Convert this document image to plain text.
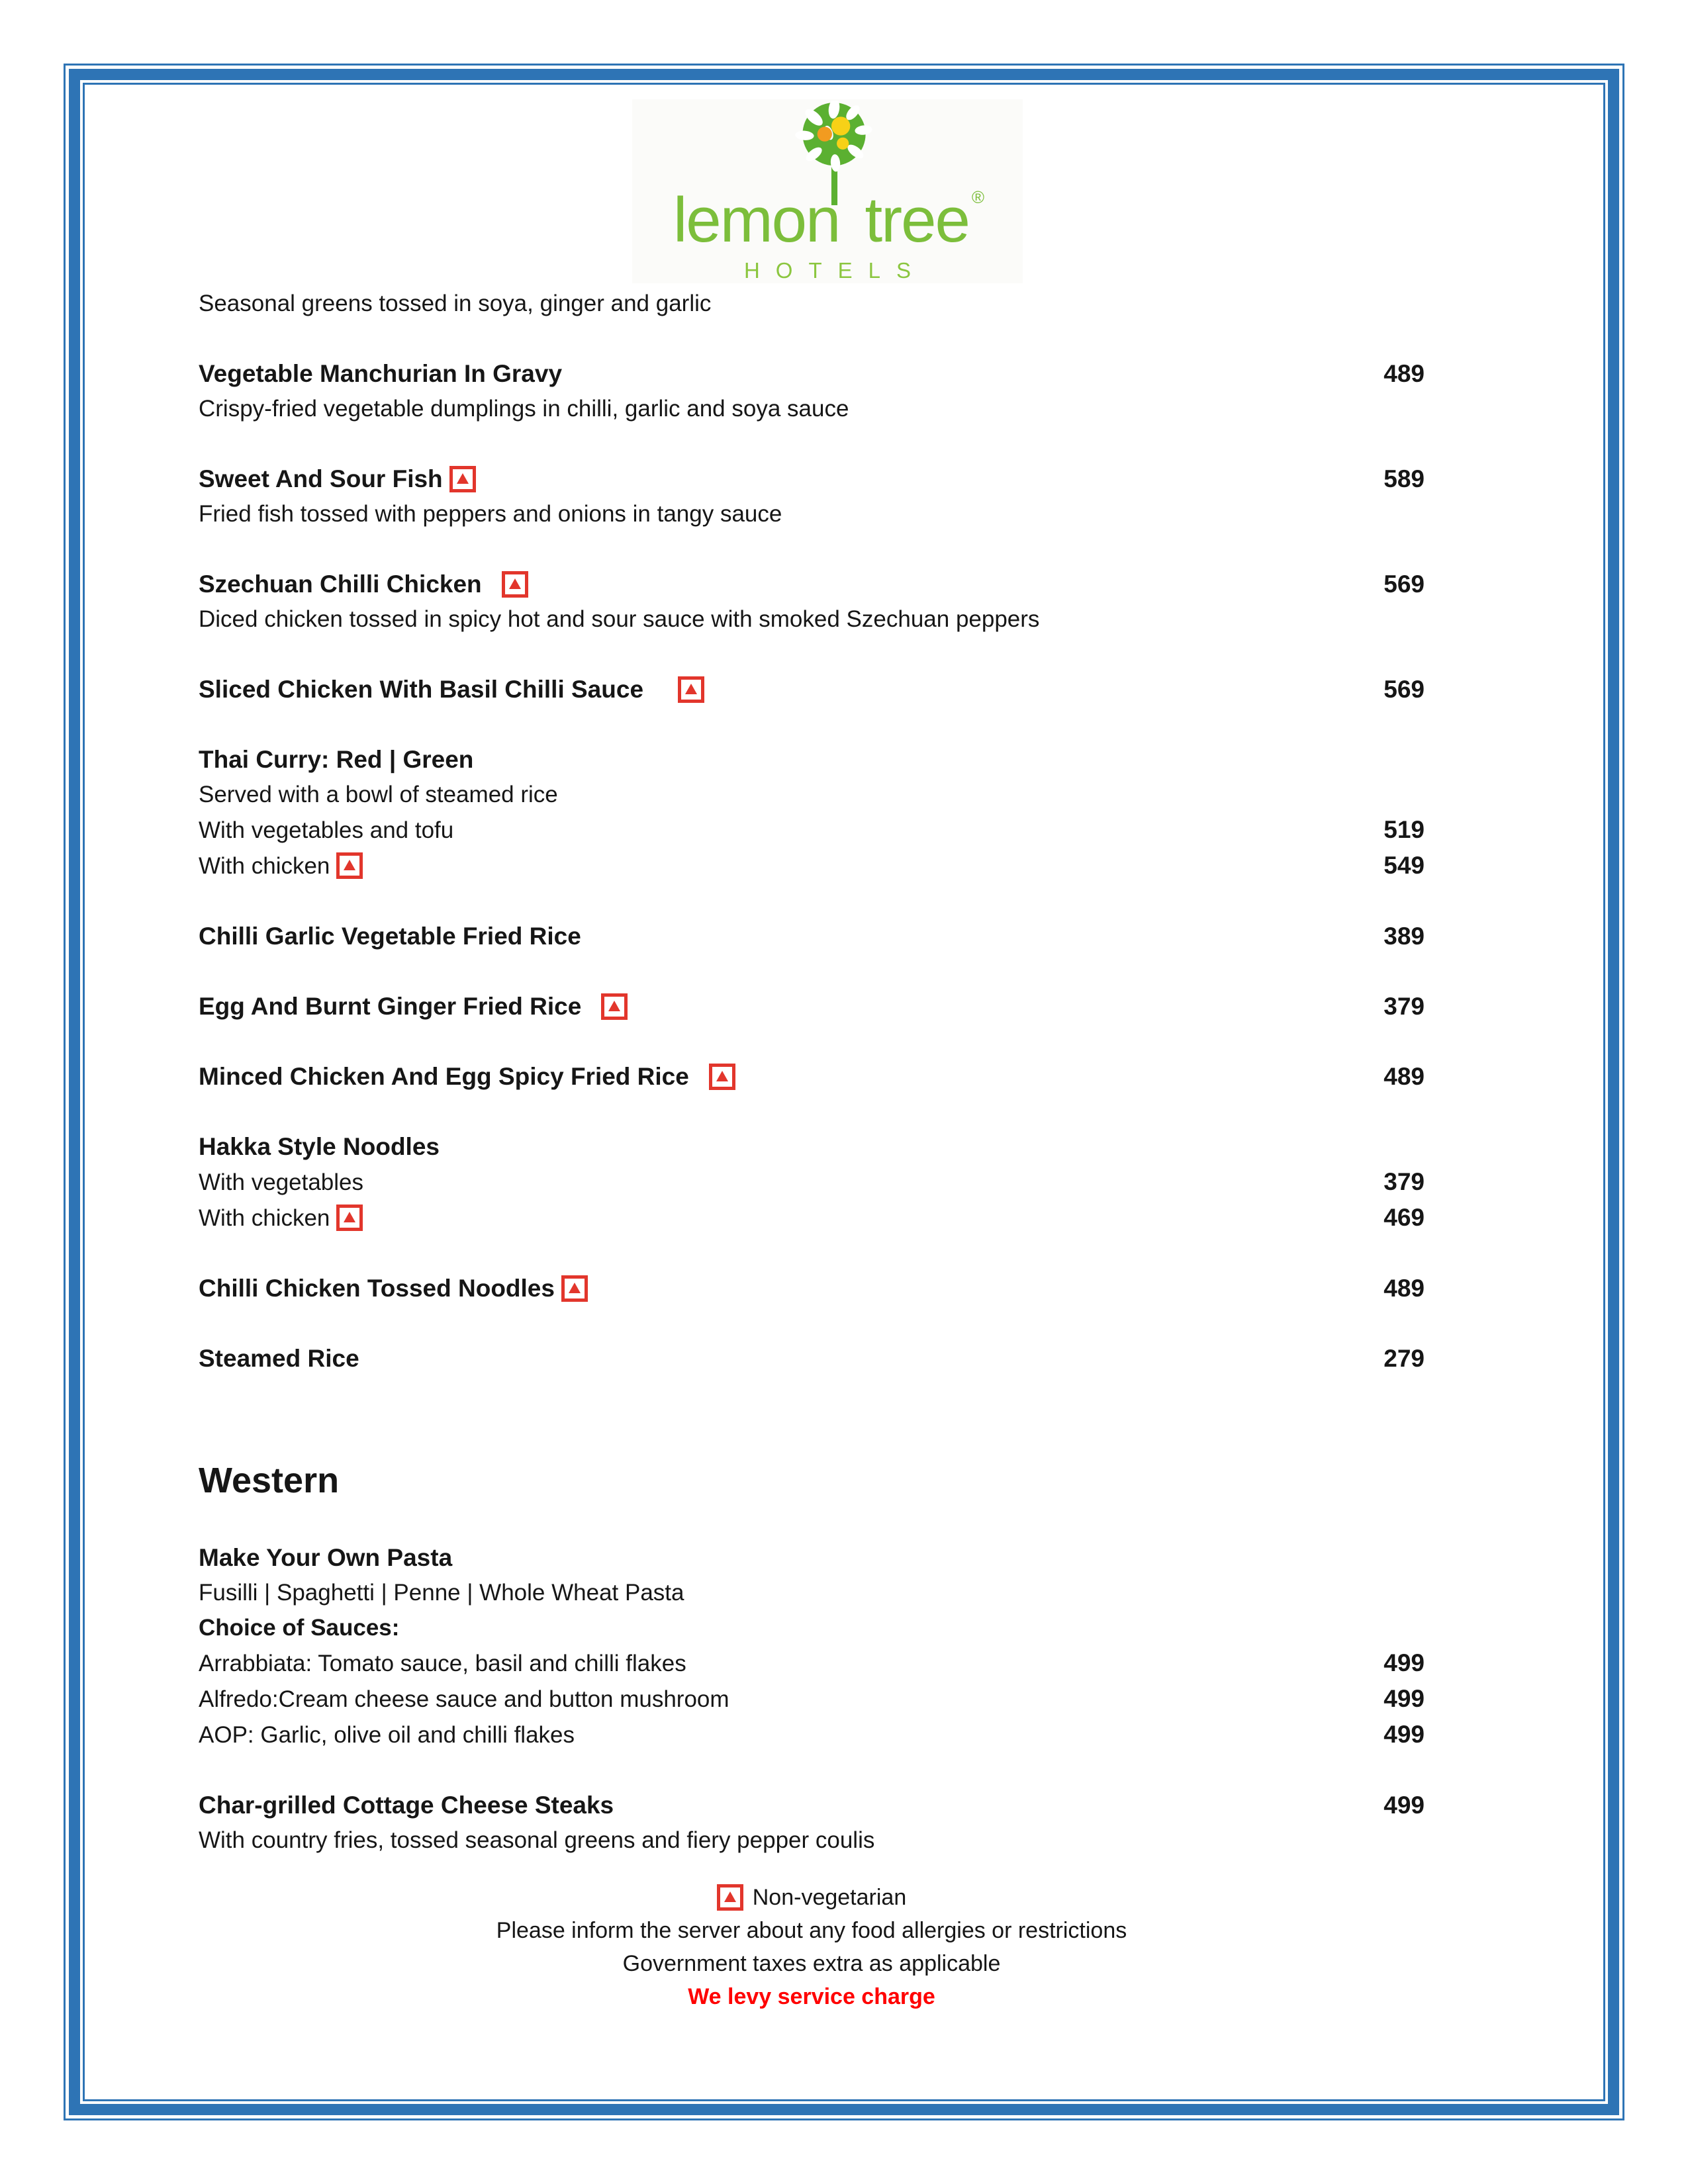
lemon tree ®
HOTELS
Seasonal greens tossed in soya, ginger and garlic
Vegetable Manchurian In Gravy	489
Crispy-fried vegetable dumplings in chilli, garlic and soya sauce
Sweet And Sour Fish	589
Fried fish tossed with peppers and onions in tangy sauce
Szechuan Chilli Chicken	569
Diced chicken tossed in spicy hot and sour sauce with smoked Szechuan peppers
Sliced Chicken With Basil Chilli Sauce	569
Thai Curry: Red | Green
Served with a bowl of steamed rice
With vegetables and tofu	519
With chicken	549
Chilli Garlic Vegetable Fried Rice	389
Egg And Burnt Ginger Fried Rice	379
Minced Chicken And Egg Spicy Fried Rice	489
Hakka Style Noodles
With vegetables	379
With chicken	469
Chilli Chicken Tossed Noodles	489
Steamed Rice	279
Western
Make Your Own Pasta
Fusilli | Spaghetti | Penne | Whole Wheat Pasta
Choice of Sauces:
Arrabbiata: Tomato sauce, basil and chilli flakes	499
Alfredo:Cream cheese sauce and button mushroom	499
AOP: Garlic, olive oil and chilli flakes	499
Char-grilled Cottage Cheese Steaks	499
With country fries, tossed seasonal greens and fiery pepper coulis
Non-vegetarian
Please inform the server about any food allergies or restrictions
Government taxes extra as applicable
We levy service charge
